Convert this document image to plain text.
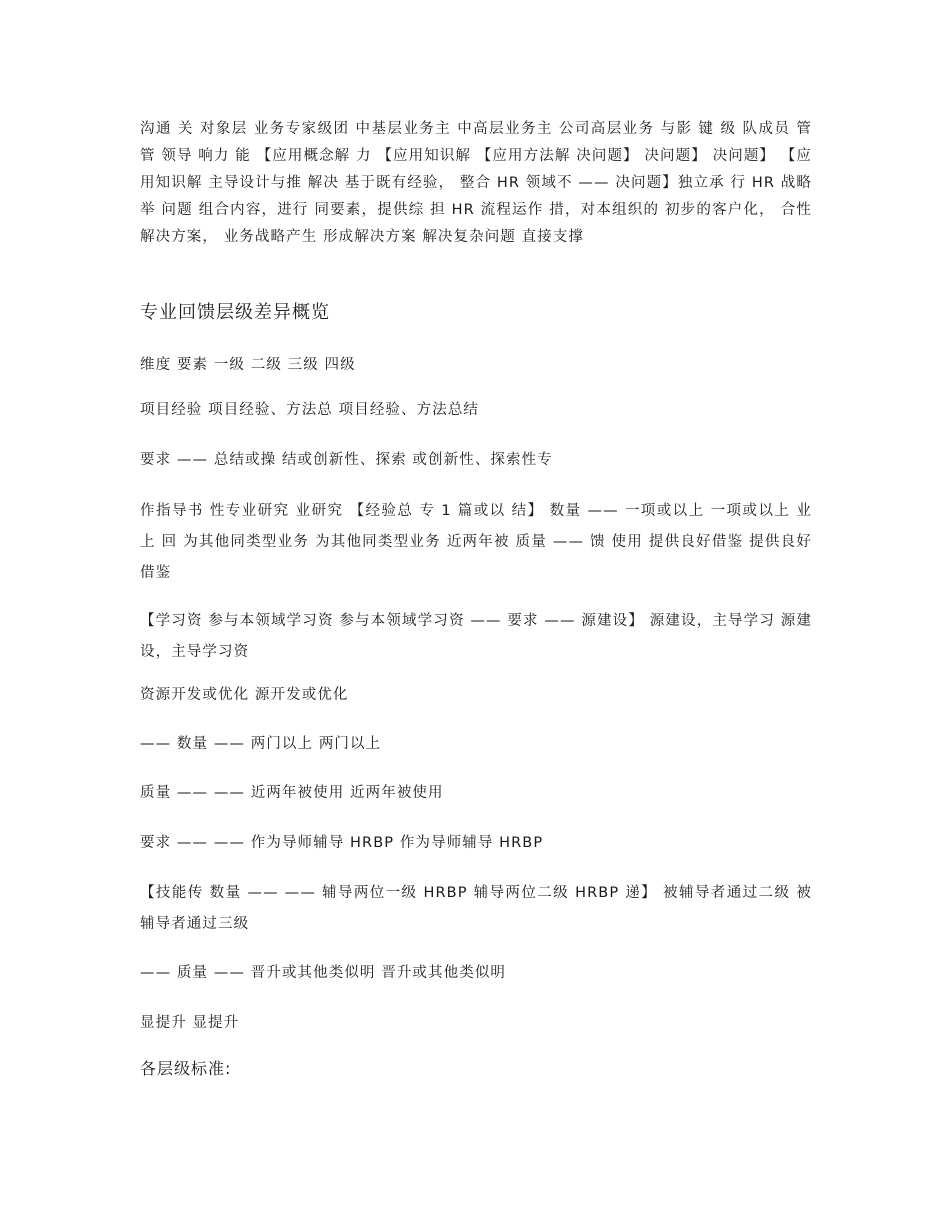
沟通 关 对象层 业务专家级团 中基层业务主 中高层业务主 公司高层业务 与影 键 级 队成员 管 管 领导 响力 能 【应用概念解 力 【应用知识解 【应用方法解 决问题】 决问题】 决问题】 【应用知识解 主导设计与推 解决 基于既有经验， 整合 HR 领域不 —— 决问题】独立承 行 HR 战略举 问题 组合内容，进行 同要素，提供综 担 HR 流程运作 措，对本组织的 初步的客户化， 合性解决方案， 业务战略产生 形成解决方案 解决复杂问题 直接支撑

专业回馈层级差异概览

维度 要素 一级 二级 三级 四级

项目经验 项目经验、方法总 项目经验、方法总结

要求 —— 总结或操 结或创新性、探索 或创新性、探索性专

作指导书 性专业研究 业研究 【经验总 专 1 篇或以 结】 数量 —— 一项或以上 一项或以上 业 上 回 为其他同类型业务 为其他同类型业务 近两年被 质量 —— 馈 使用 提供良好借鉴 提供良好借鉴

【学习资 参与本领域学习资 参与本领域学习资 —— 要求 —— 源建设】 源建设，主导学习 源建设，主导学习资

资源开发或优化 源开发或优化

—— 数量 —— 两门以上 两门以上

质量 —— —— 近两年被使用 近两年被使用

要求 —— —— 作为导师辅导 HRBP 作为导师辅导 HRBP

【技能传 数量 —— —— 辅导两位一级 HRBP 辅导两位二级 HRBP 递】 被辅导者通过二级 被辅导者通过三级

—— 质量 —— 晋升或其他类似明 晋升或其他类似明

显提升 显提升

各层级标准:
